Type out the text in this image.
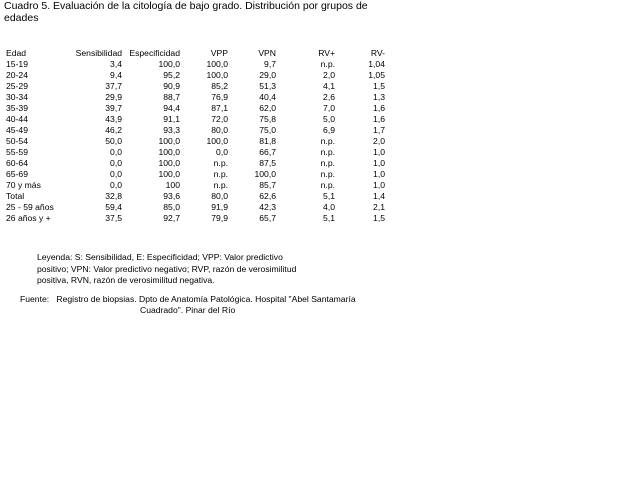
Cuadro 5. Evaluación de la citología de bajo grado. Distribución por grupos de edades
Edad	Sensibilidad	Especificidad	VPP	VPN	RV+	RV-
15-19	3,4	100,0	100,0	9,7	n.p.	1,04
20-24	9,4	95,2	100,0	29,0	2,0	1,05
25-29	37,7	90,9	85,2	51,3	4,1	1,5
30-34	29,9	88,7	76,9	40,4	2,6	1,3
35-39	39,7	94,4	87,1	62,0	7,0	1,6
40-44	43,9	91,1	72,0	75,8	5,0	1,6
45-49	46,2	93,3	80,0	75,0	6,9	1,7
50-54	50,0	100,0	100,0	81,8	n.p.	2,0
55-59	0,0	100,0	0,0	66,7	n.p.	1,0
60-64	0,0	100,0	n.p.	87,5	n.p.	1,0
65-69	0,0	100,0	n.p.	100,0	n.p.	1,0
70 y más	0,0	100	n.p.	85,7	n.p.	1,0
Total	32,8	93,6	80,0	62,6	5,1	1,4
25 - 59 años	59,4	85,0	91,9	42,3	4,0	2,1
26 años y +	37,5	92,7	79,9	65,7	5,1	1,5
Leyenda: S: Sensibilidad, E: Especificidad; VPP: Valor predictivo
positivo; VPN: Valor predictivo negativo; RVP, razón de verosimilitud
positiva, RVN, razón de verosimilitud negativa.
Fuente: Registro de biopsias. Dpto de Anatomía Patológica. Hospital "Abel Santamaría
Cuadrado". Pinar del Río
